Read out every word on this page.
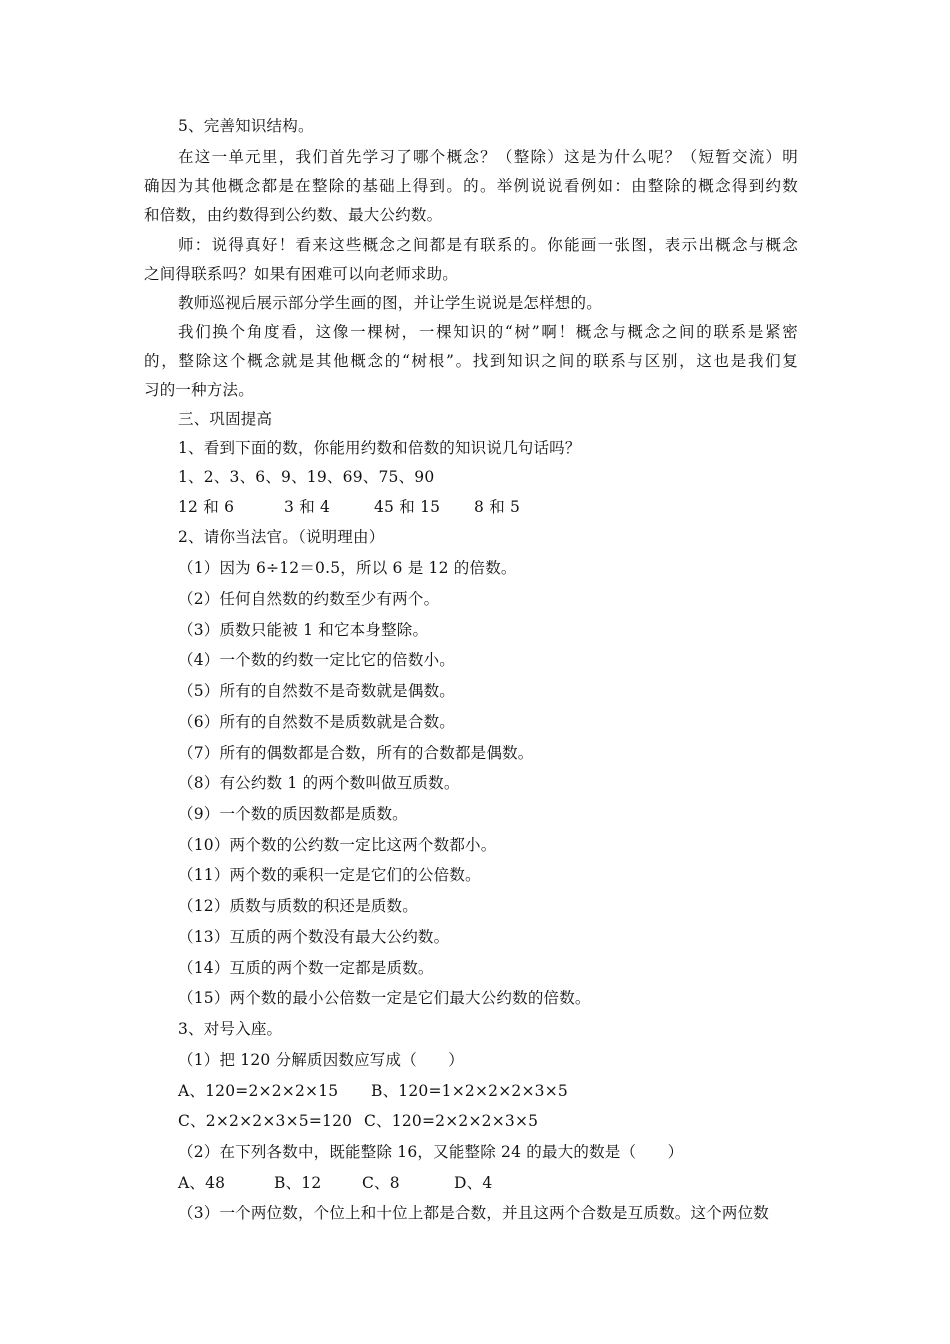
5、完善知识结构。
在这一单元里，我们首先学习了哪个概念？（整除）这是为什么呢？（短暂交流）明
确因为其他概念都是在整除的基础上得到。的。举例说说看例如：由整除的概念得到约数
和倍数，由约数得到公约数、最大公约数。
师：说得真好！看来这些概念之间都是有联系的。你能画一张图，表示出概念与概念
之间得联系吗？如果有困难可以向老师求助。
教师巡视后展示部分学生画的图，并让学生说说是怎样想的。
我们换个角度看，这像一棵树，一棵知识的“树”啊！概念与概念之间的联系是紧密
的，整除这个概念就是其他概念的“树根”。找到知识之间的联系与区别，这也是我们复
习的一种方法。
三、巩固提高
1、看到下面的数，你能用约数和倍数的知识说几句话吗？
1、2、3、6、9、19、69、75、90
12 和 6	3 和 4	45 和 15 8 和 5
2、请你当法官。（说明理由）
（1）因为 6÷12＝0.5，所以 6 是 12 的倍数。
（2）任何自然数的约数至少有两个。
（3）质数只能被 1 和它本身整除。
（4）一个数的约数一定比它的倍数小。
（5）所有的自然数不是奇数就是偶数。
（6）所有的自然数不是质数就是合数。
（7）所有的偶数都是合数，所有的合数都是偶数。
（8）有公约数 1 的两个数叫做互质数。
（9）一个数的质因数都是质数。
（10）两个数的公约数一定比这两个数都小。
（11）两个数的乘积一定是它们的公倍数。
（12）质数与质数的积还是质数。
（13）互质的两个数没有最大公约数。
（14）互质的两个数一定都是质数。
（15）两个数的最小公倍数一定是它们最大公约数的倍数。
3、对号入座。
（1）把 120 分解质因数应写成（　　）
A、120=2×2×2×15 B、120=1×2×2×2×3×5
C、2×2×2×3×5=120 C、120=2×2×2×3×5
（2）在下列各数中，既能整除 16，又能整除 24 的最大的数是（　　）
A、48	B、12	C、8	D、4
（3）一个两位数，个位上和十位上都是合数，并且这两个合数是互质数。这个两位数
